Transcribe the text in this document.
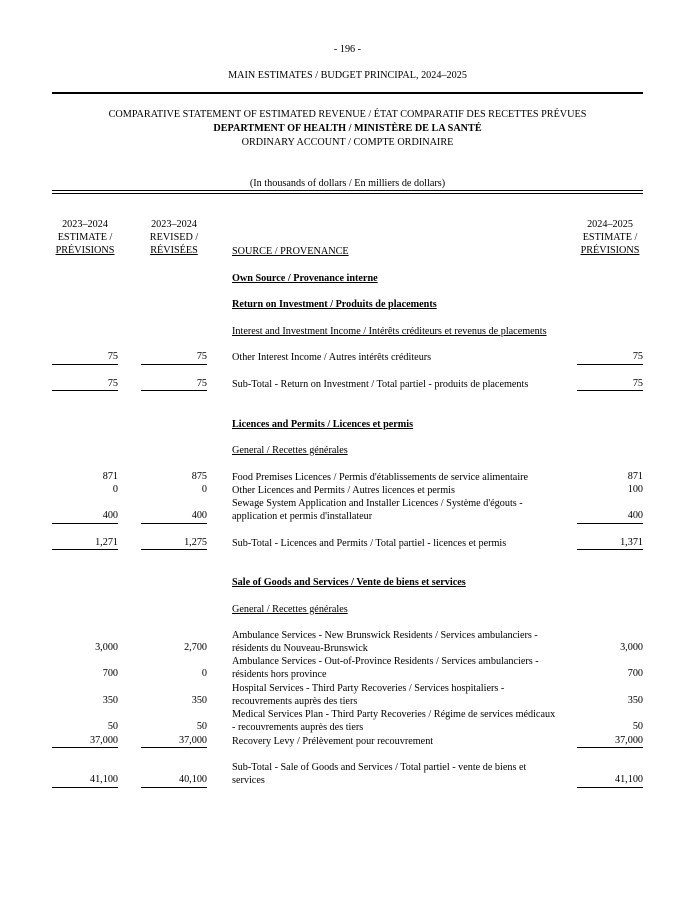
- 196 -
MAIN ESTIMATES / BUDGET PRINCIPAL, 2024–2025
COMPARATIVE STATEMENT OF ESTIMATED REVENUE / ÉTAT COMPARATIF DES RECETTES PRÉVUES
DEPARTMENT OF HEALTH / MINISTÈRE DE LA SANTÉ
ORDINARY ACCOUNT / COMPTE ORDINAIRE
(In thousands of dollars / En milliers de dollars)
2023–2024
ESTIMATE /
PRÉVISIONS
2023–2024
REVISED /
RÉVISÉES	SOURCE / PROVENANCE
2024–2025
ESTIMATE /
PRÉVISIONS
Own Source / Provenance interne
Return on Investment / Produits de placements
Interest and Investment Income / Intérêts créditeurs et revenus de placements
75	75 Other Interest Income / Autres intérêts créditeurs	75
75	75 Sub-Total - Return on Investment / Total partiel - produits de placements	75
Licences and Permits / Licences et permis
General / Recettes générales
871	875 Food Premises Licences / Permis d'établissements de service alimentaire	871
0	0 Other Licences and Permits / Autres licences et permis	100
Sewage System Application and Installer Licences / Système d'égouts -
400	400 application et permis d'installateur	400
1,271	1,275 Sub-Total - Licences and Permits / Total partiel - licences et permis	1,371
Sale of Goods and Services / Vente de biens et services
General / Recettes générales
Ambulance Services - New Brunswick Residents / Services ambulanciers -
3,000	2,700 résidents du Nouveau-Brunswick	3,000
Ambulance Services - Out-of-Province Residents / Services ambulanciers -
700	0 résidents hors province	700
Hospital Services - Third Party Recoveries / Services hospitaliers -
350	350 recouvrements auprès des tiers	350
Medical Services Plan - Third Party Recoveries / Régime de services médicaux
50	50 - recouvrements auprès des tiers	50
37,000	37,000 Recovery Levy / Prélèvement pour recouvrement	37,000
Sub-Total - Sale of Goods and Services / Total partiel - vente de biens et
41,100	40,100 services	41,100
